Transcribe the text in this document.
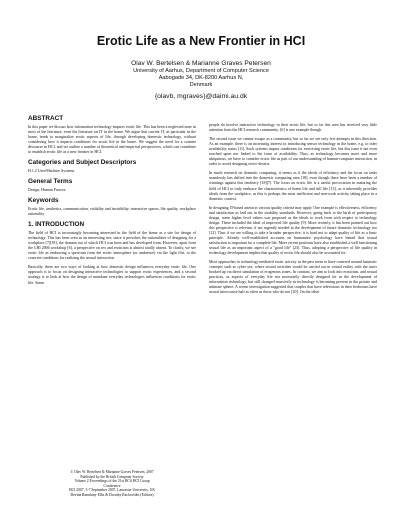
Erotic Life as a New Frontier in HCI
Olav W. Bertelsen & Marianne Graves Petersen
University of Aarhus, Department of Computer Science
Aabogade 34, DK-8200 Aarhus N,
Denmark
{olavb, mgraves}@daimi.au.dk
ABSTRACT

In this paper we discuss how information technology impacts erotic life. This has been a neglected zone in most of the literature, even the literature on IT in the home. We argue that current IT, in particular in the home, tends to marginalize erotic aspects of life, through developing domestic technology, without considering how it impacts conditions for erotic life in the home. We suggest the need for a counter discourse in HCI, and we outline a number of theoretical and empirical perspectives, which can contribute to establish erotic life as a new frontier in HCI.

Categories and Subject Descriptors
H.1.2 User/Machine Systems.
General Terms
Design, Human Factors.
Keywords

Erotic life, aesthetics, communication, visibility and invisibility, interactive spaces, life quality, workplace rationality.

1. INTRODUCTION

The field of HCI is increasingly becoming interested in the field of the home as a site for design of technology. This has been seen as an interesting site, since it provokes the rationalities of designing for a workplace [7][18], the domain out of which HCI was born and has developed from. However, apart from the CHI 2006 workshop [6], a perspective on sex and eroticism is almost totally absent. To clarify, we see erotic life as embracing a spectrum from the erotic atmosphere (or ambience) via the light flirt, to the concrete conditions for realizing the sexual interaction.

Basically, there are two ways of looking at how domestic design influences everyday erotic life. One approach is to focus on designing interactive technologies to support erotic experiences, and a second strategy is to look at how the design of mundane everyday technologies influences conditions for erotic life. Some

people do involve interactive technology in their erotic life, but so far this area has received very little attention from the HCI research community; [6] is one example though.

The second issue we cannot escape as a community, but so far we see only few attempts in this direction. As an example, there is an increasing interest in introducing sensor technology in the home, e.g. to infer availability status [11]. Such systems impact conditions for exercising erotic life, but this issue it not even touched upon nor linked to the issue of availability. Thus, as technology becomes more and more ubiquitous, we have to consider erotic life as part of our understanding of human-computer interaction, in order to avoid designing erotic deserts.

In much research on domestic computing, it seems as if the ideals of efficiency and the focus on tasks seamlessly has drifted into the domestic computing area [18], even though there have been a number of warnings against this tendency [18][7]. The focus on erotic life is a useful provocation in maturing the field of HCI to truly embrace the characteristics of home life and full life [13], as it inherently provides ideals from the workplace, as this is perhaps the most inefficient and non-work activity taking place in a domestic context.

In designing IT-based artefacts various quality criteria may apply. One example is effectiveness, efficiency and satisfaction as laid out in the usability standards. However, going back to the birth of participatory design, some higher level values was proposed as the ideals to work from with respect to technology design. These included the ideal of improved life quality [9]. More recently, it has been pointed out how this perspective is relevant, if not urgently needed in the development of future domestic technology too [12]. Thus if we are willing to take a broader perspective, it is hard not to adapt quality of life as a basic principle. Already well-established accounts on humanistic psychology have hinted that sexual satisfaction is important for a complete life. More recent positions have also established a well functioning sexual life as an important aspect of a "good life" [23]. Thus, adopting a perspective of life quality in technology development implies that quality of erotic life should also be accounted for.

Most approaches to technology mediated erotic activity in the past seem to have centered around futuristic concepts such as cyber sex, where sexual activities would be carried out in virtual reality with the users hooked up via direct simulation of erogenous zones. In contrast, we aim to look into eroticism, and sexual practices, as aspects of everyday life not necessarily directly designed for in the development of information technology, but still changed massively as technology is becoming present in the private and intimate sphere. A recent investigation suggested that couples that have televisions in their bedrooms have sexual intercourse half as often as those who do not [20]. On the other

© Olav W. Bertelsen & Marianne Graves Petersen, 2007
Published by the British Computer Society
Volume 2 Proceedings of the 21st BCS HCI Group
Conference
HCI 2007, 3-7 September 2007, Lancaster University, UK
Devina Ramduny-Ellis & Dorothy Rachovides (Editors)
